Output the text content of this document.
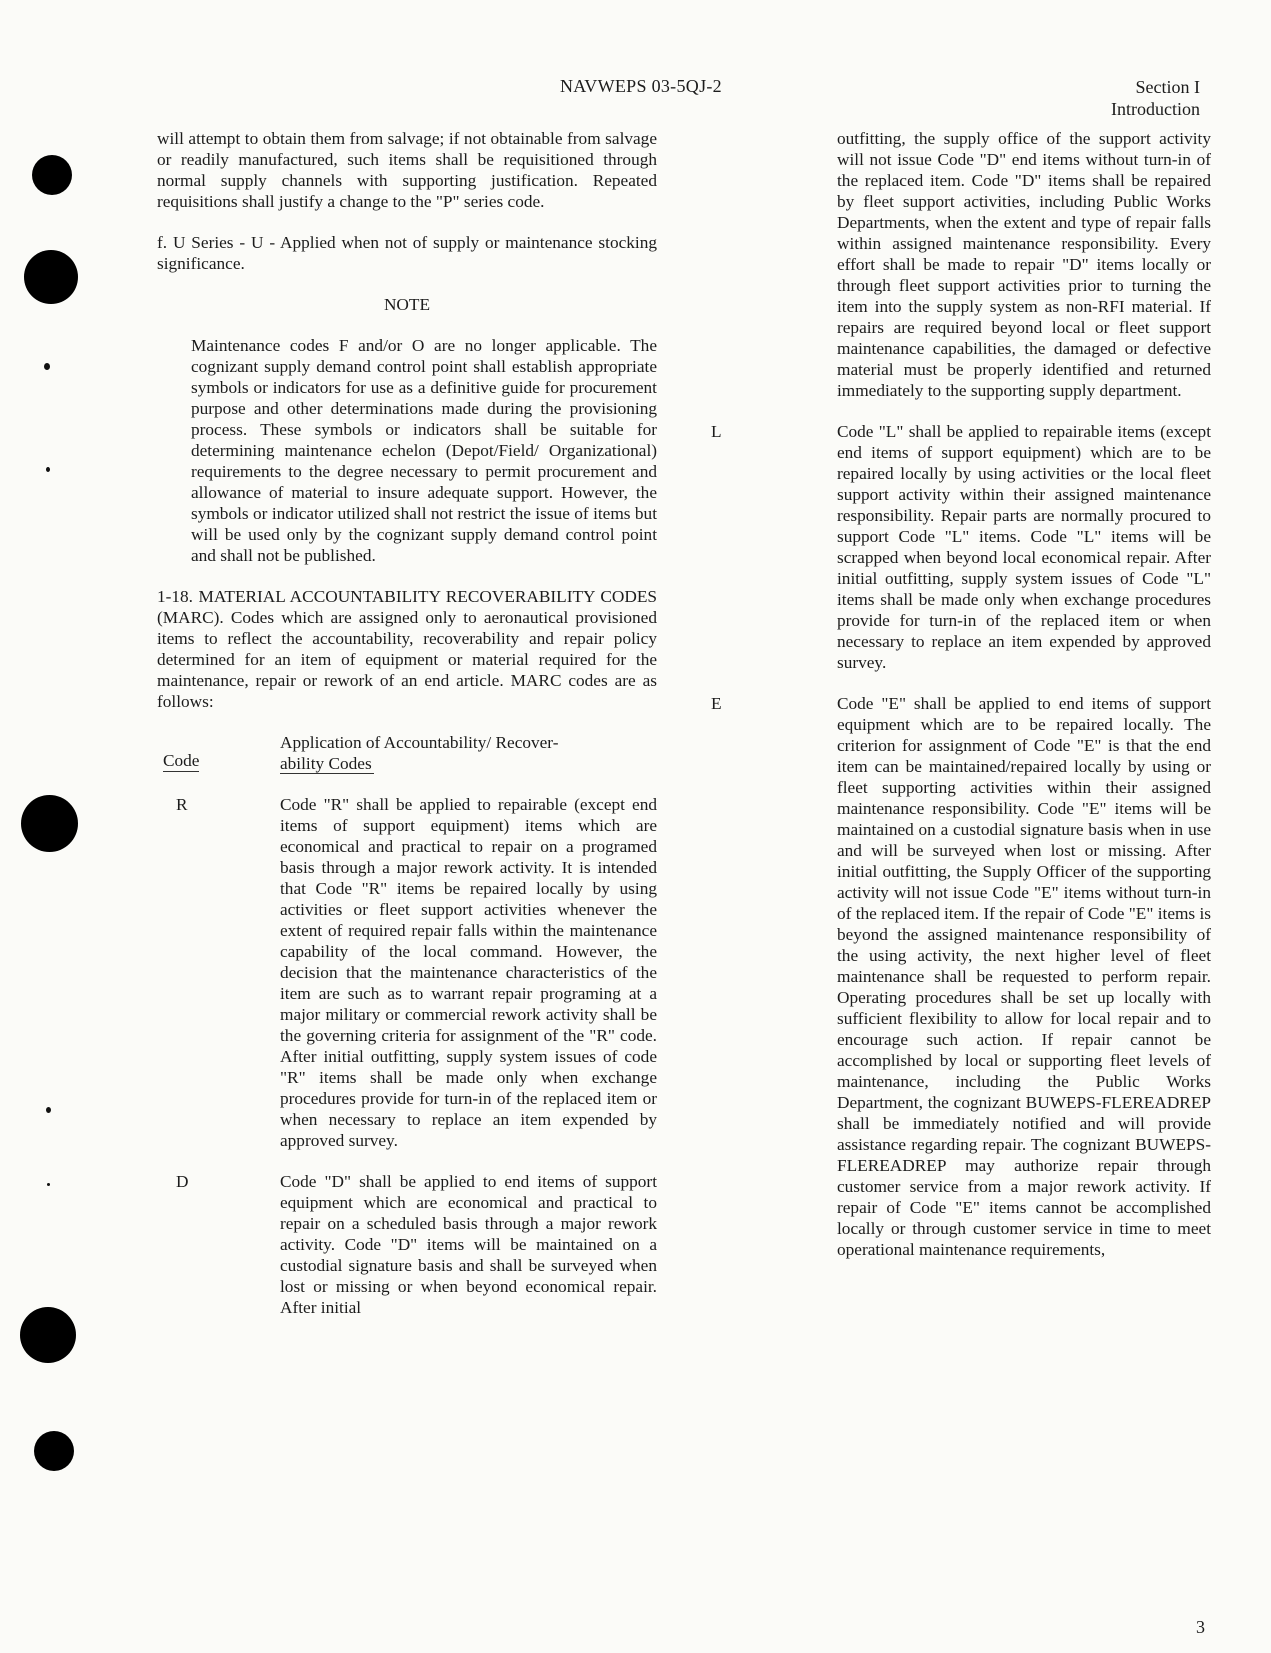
NAVWEPS 03-5QJ-2	Section I
Introduction

will attempt to obtain them from salvage; if not obtainable from salvage or readily manufactured, such items shall be requisitioned through normal supply channels with supporting justification. Repeated requisitions shall justify a change to the "P" series code.

f. U Series - U - Applied when not of supply or maintenance stocking significance.

NOTE

Maintenance codes F and/or O are no longer applicable. The cognizant supply demand control point shall establish appropriate symbols or indicators for use as a definitive guide for procurement purpose and other determinations made during the provisioning process. These symbols or indicators shall be suitable for determining maintenance echelon (Depot/Field/ Organizational) requirements to the degree necessary to permit procurement and allowance of material to insure adequate support. However, the symbols or indicator utilized shall not restrict the issue of items but will be used only by the cognizant supply demand control point and shall not be published.

1-18. MATERIAL ACCOUNTABILITY RECOVERABILITY CODES (MARC). Codes which are assigned only to aeronautical provisioned items to reflect the accountability, recoverability and repair policy determined for an item of equipment or material required for the maintenance, repair or rework of an end article. MARC codes are as follows:

Code
Application of Accountability/ Recover-
ability Codes
R	Code "R" shall be applied to repairable (except end items of support equipment) items which are economical and practical to repair on a programed basis through a major rework activity. It is intended that Code "R" items be repaired locally by using activities or fleet support activities whenever the extent of required repair falls within the maintenance capability of the local command. However, the decision that the maintenance characteristics of the item are such as to warrant repair programing at a major military or commercial rework activity shall be the governing criteria for assignment of the "R" code. After initial outfitting, supply system issues of code "R" items shall be made only when exchange procedures provide for turn-in of the replaced item or when necessary to replace an item expended by approved survey.

D	Code "D" shall be applied to end items of support equipment which are economical and practical to repair on a scheduled basis through a major rework activity. Code "D" items will be maintained on a custodial signature basis and shall be surveyed when lost or missing or when beyond economical repair. After initial

outfitting, the supply office of the support activity will not issue Code "D" end items without turn-in of the replaced item. Code "D" items shall be repaired by fleet support activities, including Public Works Departments, when the extent and type of repair falls within assigned maintenance responsibility. Every effort shall be made to repair "D" items locally or through fleet support activities prior to turning the item into the supply system as non-RFI material. If repairs are required beyond local or fleet support maintenance capabilities, the damaged or defective material must be properly identified and returned immediately to the supporting supply department.

L	Code "L" shall be applied to repairable items (except end items of support equipment) which are to be repaired locally by using activities or the local fleet support activity within their assigned maintenance responsibility. Repair parts are normally procured to support Code "L" items. Code "L" items will be scrapped when beyond local economical repair. After initial outfitting, supply system issues of Code "L" items shall be made only when exchange procedures provide for turn-in of the replaced item or when necessary to replace an item expended by approved survey.

E	Code "E" shall be applied to end items of support equipment which are to be repaired locally. The criterion for assignment of Code "E" is that the end item can be maintained/repaired locally by using or fleet supporting activities within their assigned maintenance responsibility. Code "E" items will be maintained on a custodial signature basis when in use and will be surveyed when lost or missing. After initial outfitting, the Supply Officer of the supporting activity will not issue Code "E" items without turn-in of the replaced item. If the repair of Code "E" items is beyond the assigned maintenance responsibility of the using activity, the next higher level of fleet maintenance shall be requested to perform repair. Operating procedures shall be set up locally with sufficient flexibility to allow for local repair and to encourage such action. If repair cannot be accomplished by local or supporting fleet levels of maintenance, including the Public Works Department, the cognizant BUWEPS-FLEREADREP shall be immediately notified and will provide assistance regarding repair. The cognizant BUWEPS-FLEREADREP may authorize repair through customer service from a major rework activity. If repair of Code "E" items cannot be accomplished locally or through customer service in time to meet operational maintenance requirements,

3
